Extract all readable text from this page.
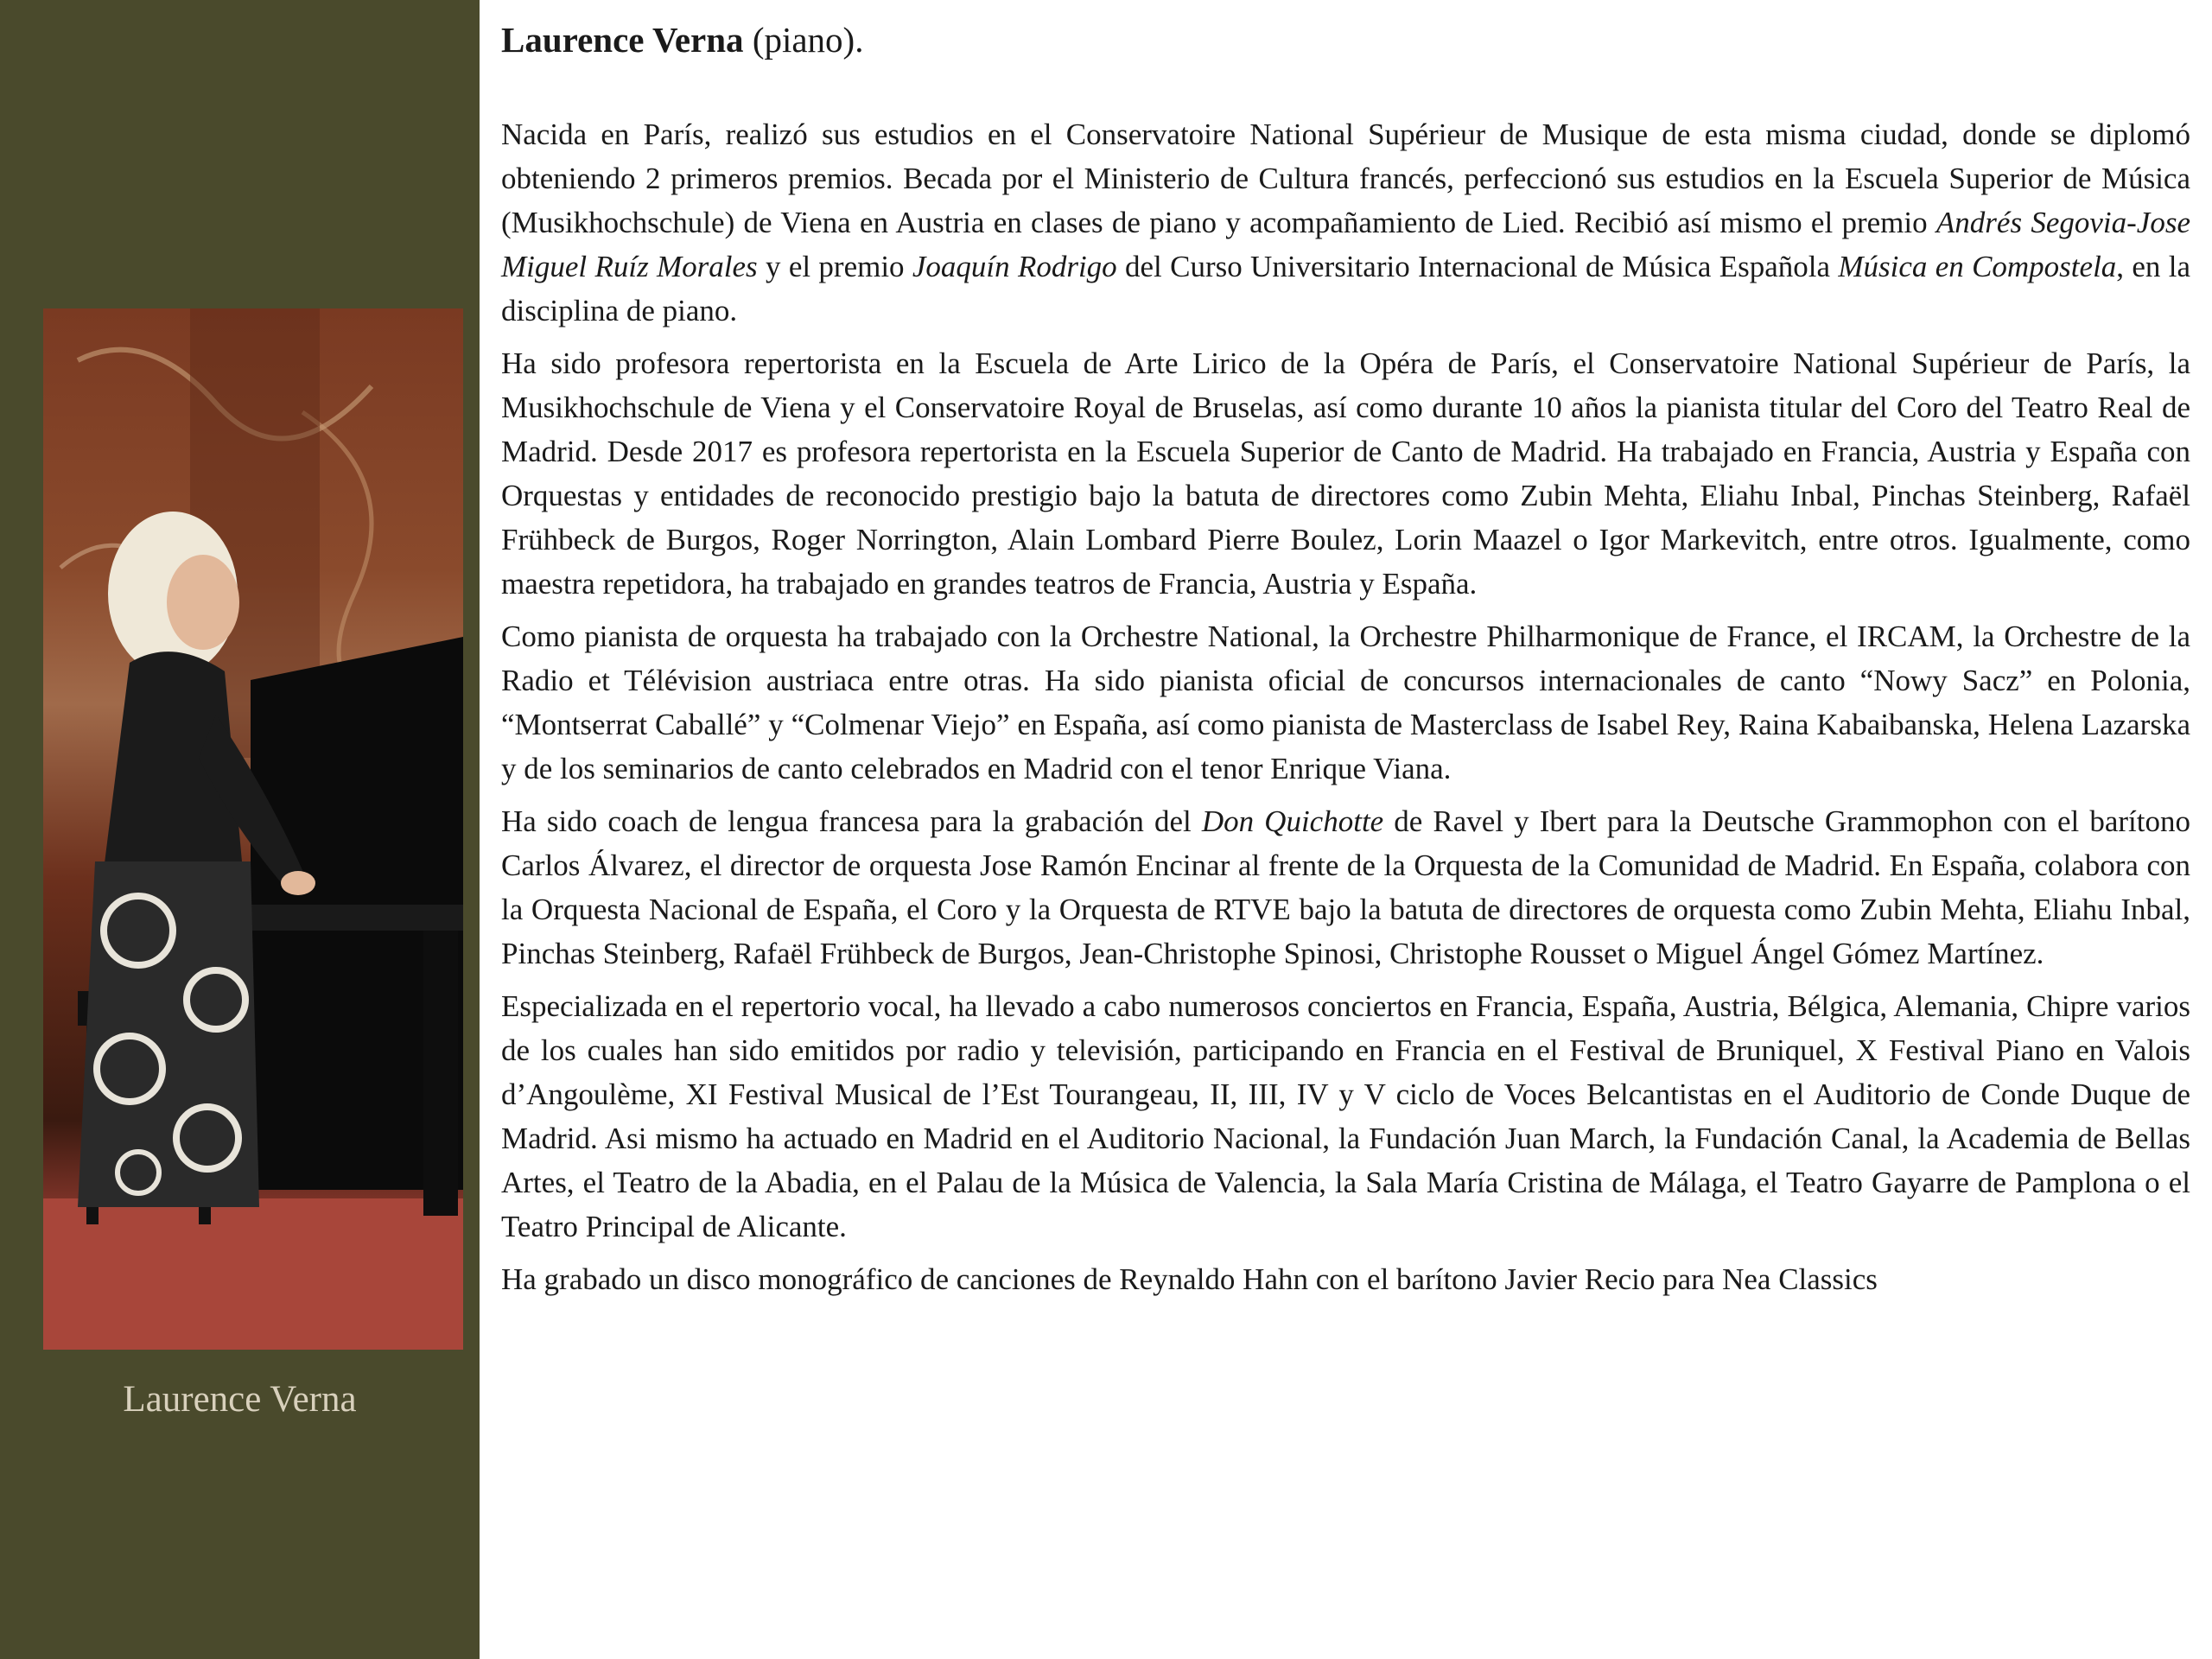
Laurence Verna

Laurence Verna (piano).

Nacida en París, realizó sus estudios en el Conservatoire National Supérieur de Musique de esta misma ciudad, donde se diplomó obteniendo 2 primeros premios. Becada por el Ministerio de Cultura francés, perfeccionó sus estudios en la Escuela Superior de Música (Musikhochschule) de Viena en Austria en clases de piano y acompañamiento de Lied. Recibió así mismo el premio Andrés Segovia-Jose Miguel Ruíz Morales y el premio Joaquín Rodrigo del Curso Universitario Internacional de Música Española Música en Compostela, en la disciplina de piano.

Ha sido profesora repertorista en la Escuela de Arte Lirico de la Opéra de París, el Conservatoire National Supérieur de París, la Musikhochschule de Viena y el Conservatoire Royal de Bruselas, así como durante 10 años la pianista titular del Coro del Teatro Real de Madrid. Desde 2017 es profesora repertorista en la Escuela Superior de Canto de Madrid. Ha trabajado en Francia, Austria y España con Orquestas y entidades de reconocido prestigio bajo la batuta de directores como Zubin Mehta, Eliahu Inbal, Pinchas Steinberg, Rafaël Frühbeck de Burgos, Roger Norrington, Alain Lombard Pierre Boulez, Lorin Maazel o Igor Markevitch, entre otros. Igualmente, como maestra repetidora, ha trabajado en grandes teatros de Francia, Austria y España.

Como pianista de orquesta ha trabajado con la Orchestre National, la Orchestre Philharmonique de France, el IRCAM, la Orchestre de la Radio et Télévision austriaca entre otras. Ha sido pianista oficial de concursos internacionales de canto “Nowy Sacz” en Polonia, “Montserrat Caballé” y “Colmenar Viejo” en España, así como pianista de Masterclass de Isabel Rey, Raina Kabaibanska, Helena Lazarska y de los seminarios de canto celebrados en Madrid con el tenor Enrique Viana.

Ha sido coach de lengua francesa para la grabación del Don Quichotte de Ravel y Ibert para la Deutsche Grammophon con el barítono Carlos Álvarez, el director de orquesta Jose Ramón Encinar al frente de la Orquesta de la Comunidad de Madrid. En España, colabora con la Orquesta Nacional de España, el Coro y la Orquesta de RTVE bajo la batuta de directores de orquesta como Zubin Mehta, Eliahu Inbal, Pinchas Steinberg, Rafaël Frühbeck de Burgos, Jean-Christophe Spinosi, Christophe Rousset o Miguel Ángel Gómez Martínez.

Especializada en el repertorio vocal, ha llevado a cabo numerosos conciertos en Francia, España, Austria, Bélgica, Alemania, Chipre varios de los cuales han sido emitidos por radio y televisión, participando en Francia en el Festival de Bruniquel, X Festival Piano en Valois d’Angoulème, XI Festival Musical de l’Est Tourangeau, II, III, IV y V ciclo de Voces Belcantistas en el Auditorio de Conde Duque de Madrid. Asi mismo ha actuado en Madrid en el Auditorio Nacional, la Fundación Juan March, la Fundación Canal, la Academia de Bellas Artes, el Teatro de la Abadia, en el Palau de la Música de Valencia, la Sala María Cristina de Málaga, el Teatro Gayarre de Pamplona o el Teatro Principal de Alicante.

Ha grabado un disco monográfico de canciones de Reynaldo Hahn con el barítono Javier Recio para Nea Classics
